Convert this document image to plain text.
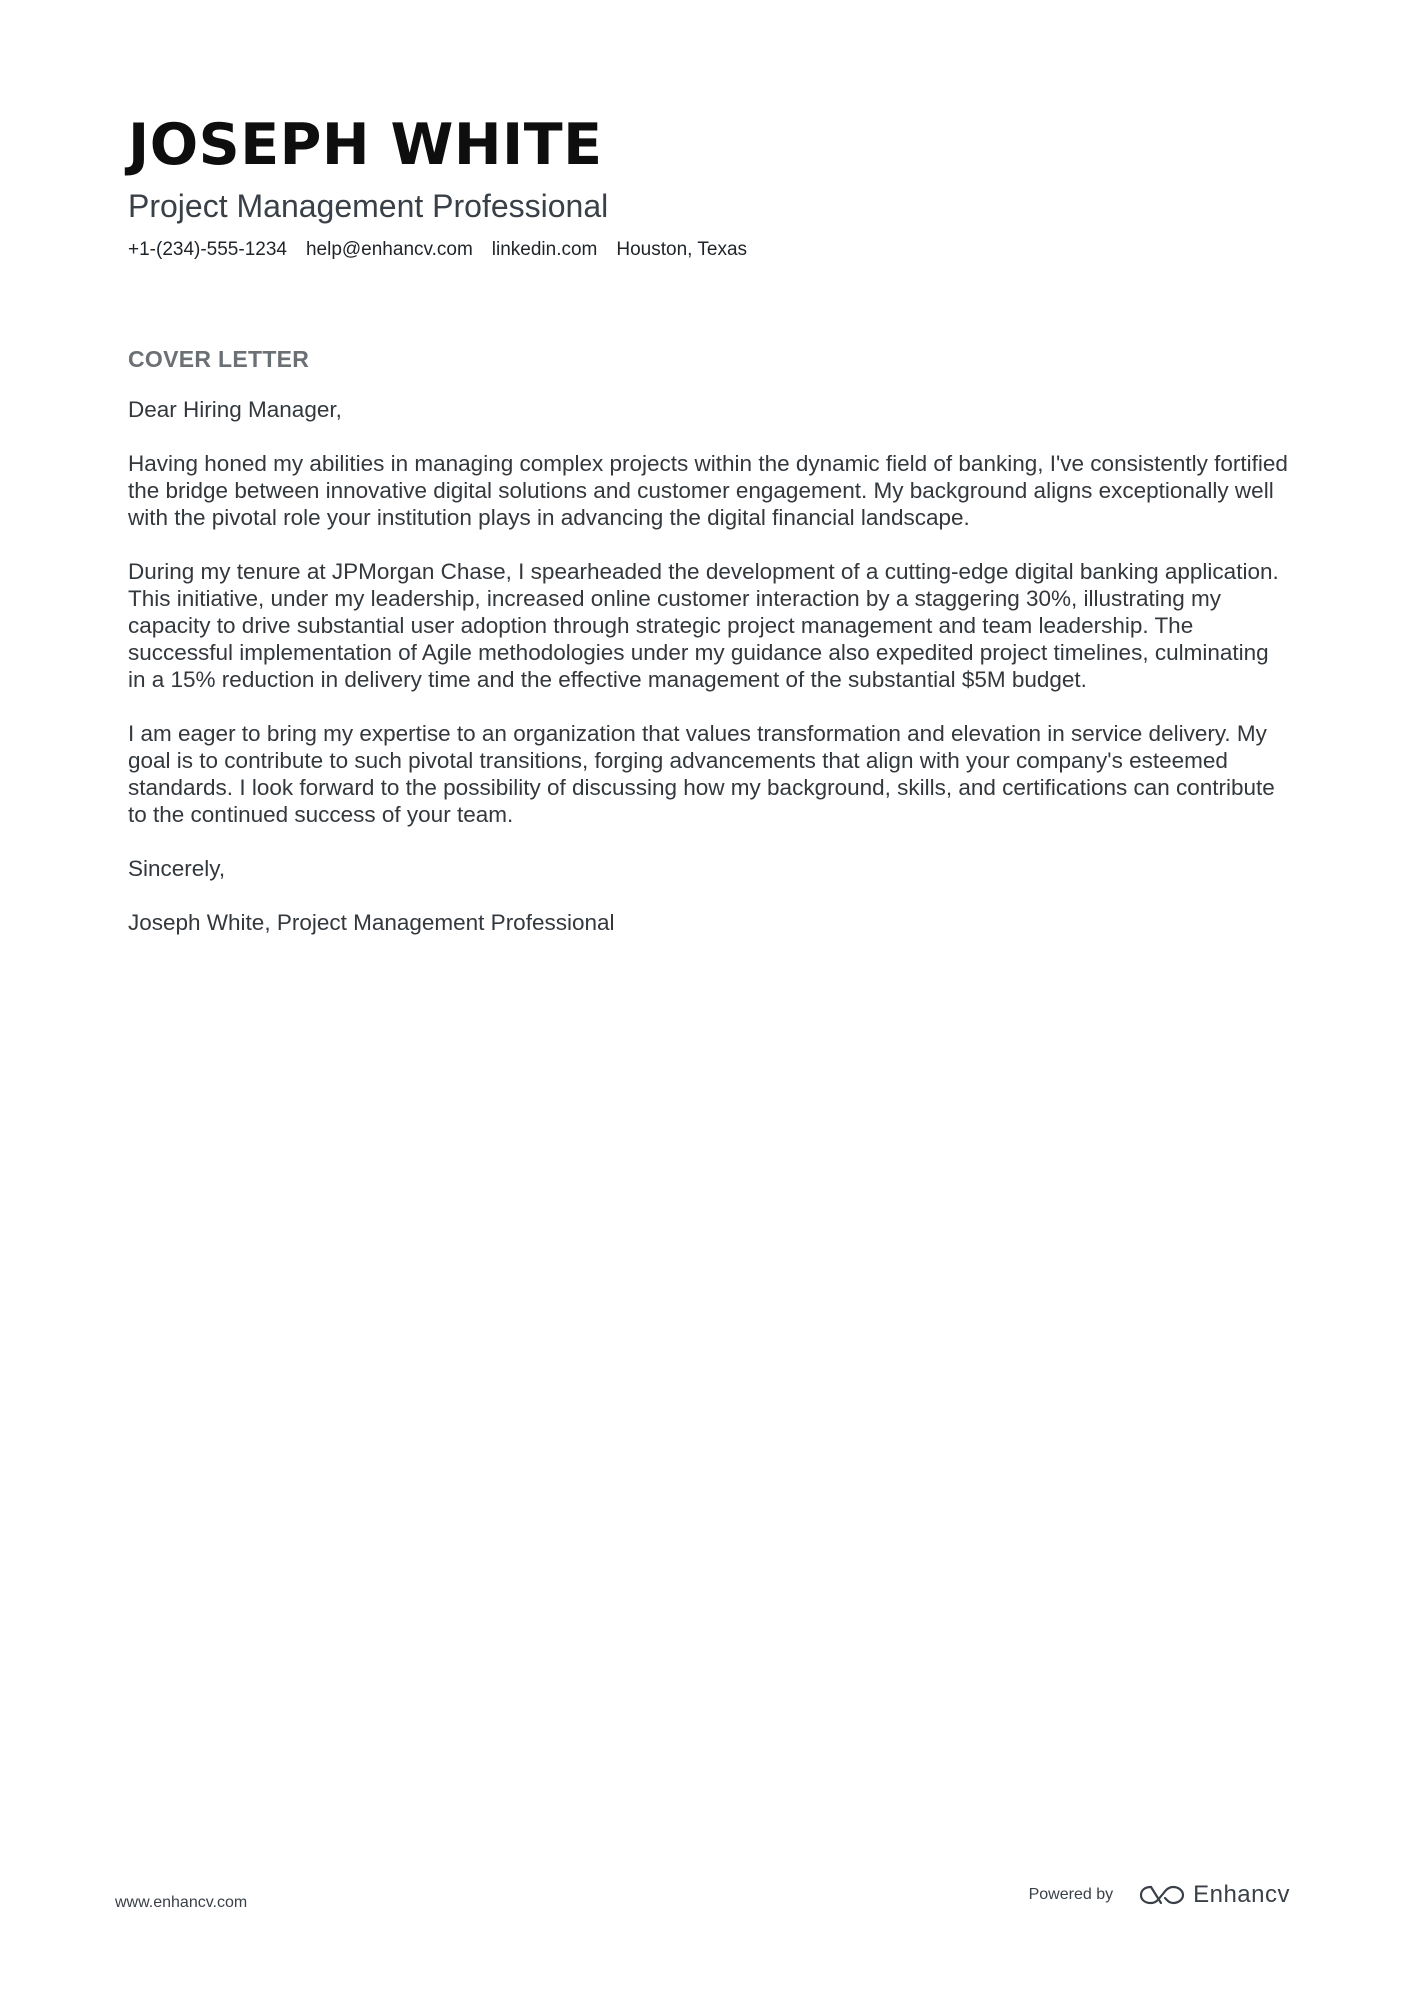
JOSEPH WHITE
Project Management Professional
+1-(234)-555-1234 help@enhancv.com linkedin.com Houston, Texas
COVER LETTER

Dear Hiring Manager,

Having honed my abilities in managing complex projects within the dynamic field of banking, I've consistently fortified the bridge between innovative digital solutions and customer engagement. My background aligns exceptionally well with the pivotal role your institution plays in advancing the digital financial landscape.

During my tenure at JPMorgan Chase, I spearheaded the development of a cutting-edge digital banking application. This initiative, under my leadership, increased online customer interaction by a staggering 30%, illustrating my capacity to drive substantial user adoption through strategic project management and team leadership. The successful implementation of Agile methodologies under my guidance also expedited project timelines, culminating in a 15% reduction in delivery time and the effective management of the substantial $5M budget.

I am eager to bring my expertise to an organization that values transformation and elevation in service delivery. My goal is to contribute to such pivotal transitions, forging advancements that align with your company's esteemed standards. I look forward to the possibility of discussing how my background, skills, and certifications can contribute to the continued success of your team.

Sincerely,

Joseph White, Project Management Professional

www.enhancv.com	Powered by	Enhancv
